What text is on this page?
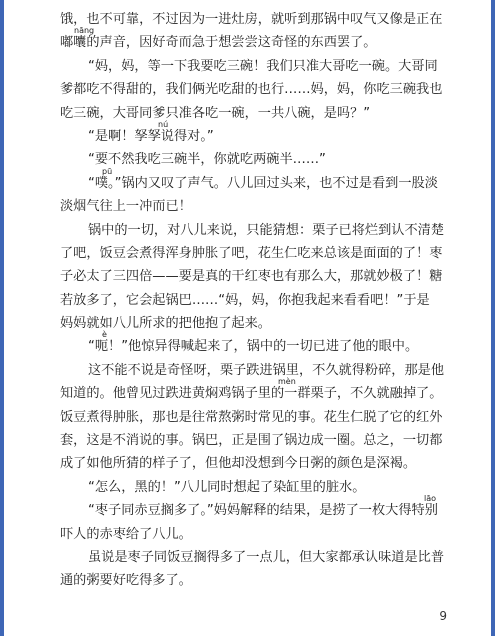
饿，也不可靠，不过因为一进灶房，就听到那锅中叹气又像是正在
嘟囔的声音，因好奇而急于想尝尝这奇怪的东西罢了。
nāng
“妈，妈，等一下我要吃三碗！我们只准大哥吃一碗。大哥同
爹都吃不得甜的，我们俩光吃甜的也行……妈，妈，你吃三碗我也
吃三碗，大哥同爹只准各吃一碗，一共八碗，是吗？”
“是啊！孥孥说得对。”
nú
“要不然我吃三碗半，你就吃两碗半……”
“噗。”锅内又叹了声气。八儿回过头来，也不过是看到一股淡
pū
淡烟气往上一冲而已！
锅中的一切，对八儿来说，只能猜想：栗子已将烂到认不清楚
了吧，饭豆会煮得浑身肿胀了吧，花生仁吃来总该是面面的了！枣
子必太了三四倍——要是真的干红枣也有那么大，那就妙极了！糖
若放多了，它会起锅巴……“妈，妈，你抱我起来看看吧！”于是
妈妈就如八儿所求的把他抱了起来。
“呃！”他惊异得喊起来了，锅中的一切已进了他的眼中。
è
这不能不说是奇怪呀，栗子跌进锅里，不久就得粉碎，那是他
知道的。他曾见过跌进黄焖鸡锅子里的一群栗子，不久就融掉了。
mèn
饭豆煮得肿胀，那也是往常熬粥时常见的事。花生仁脱了它的红外
套，这是不消说的事。锅巴，正是围了锅边成一圈。总之，一切都
成了如他所猜的样子了，但他却没想到今日粥的颜色是深褐。
“怎么，黑的！”八儿同时想起了染缸里的脏水。
“枣子同赤豆搁多了。”妈妈解释的结果，是捞了一枚大得特别
lāo
吓人的赤枣给了八儿。
虽说是枣子同饭豆搁得多了一点儿，但大家都承认味道是比普
通的粥要好吃得多了。
9
